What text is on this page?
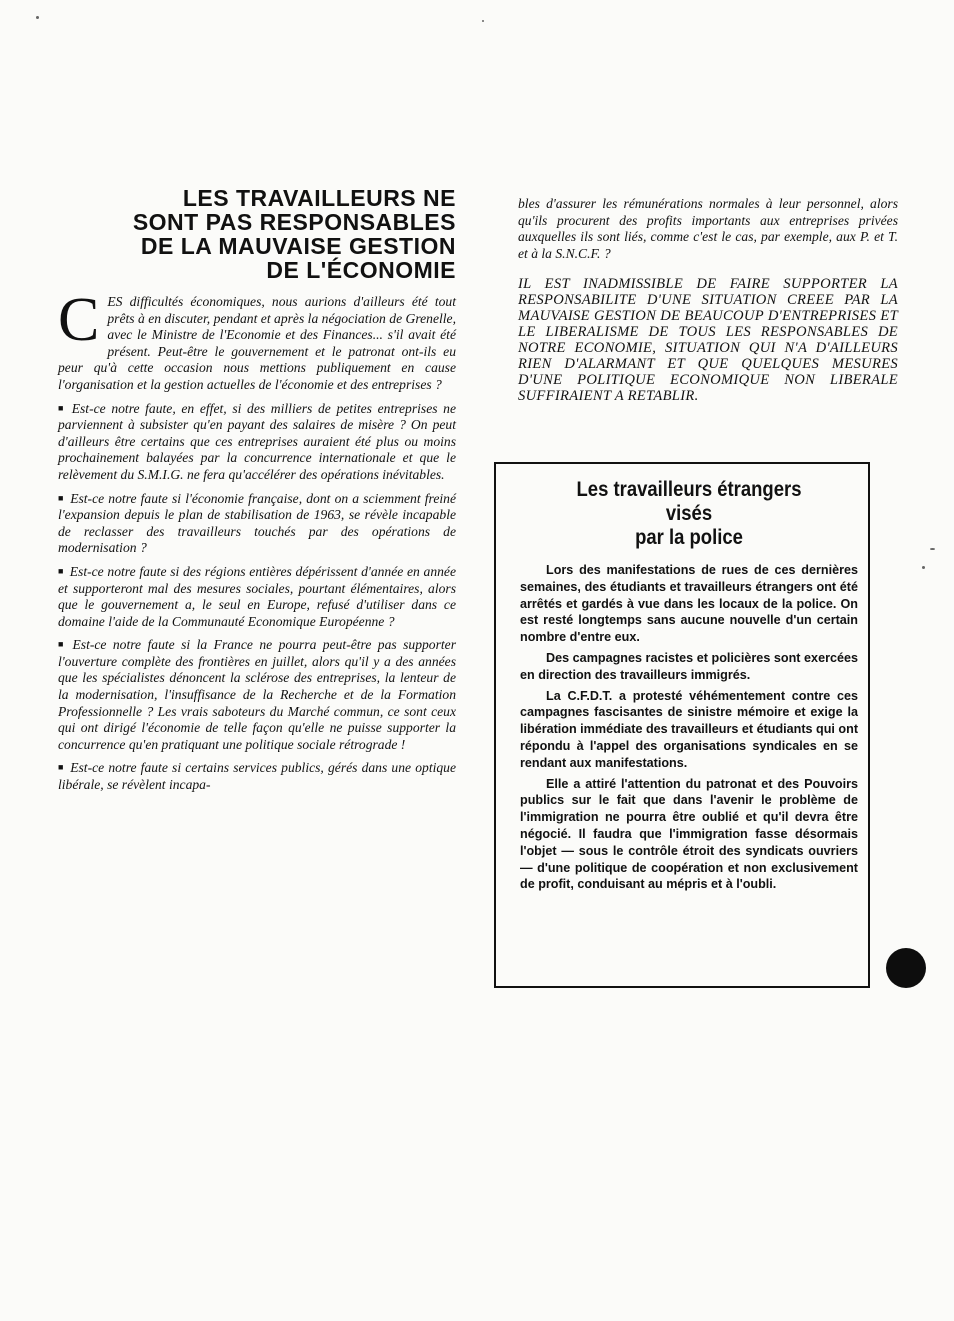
LES TRAVAILLEURS NE
SONT PAS RESPONSABLES
DE LA MAUVAISE GESTION
DE L'ÉCONOMIE

CES difficultés économiques, nous aurions d'ailleurs été tout prêts à en discuter, pendant et après la négociation de Grenelle, avec le Ministre de l'Economie et des Finances... s'il avait été présent. Peut-être le gouvernement et le patronat ont-ils eu peur qu'à cette occasion nous mettions publiquement en cause l'organisation et la gestion actuelles de l'économie et des entreprises ?

■ Est-ce notre faute, en effet, si des milliers de petites entreprises ne parviennent à subsister qu'en payant des salaires de misère ? On peut d'ailleurs être certains que ces entreprises auraient été plus ou moins prochainement balayées par la concurrence internationale et que le relèvement du S.M.I.G. ne fera qu'accélérer des opérations inévitables.

■ Est-ce notre faute si l'économie française, dont on a sciemment freiné l'expansion depuis le plan de stabilisation de 1963, se révèle incapable de reclasser des travailleurs touchés par des opérations de modernisation ?

■ Est-ce notre faute si des régions entières dépérissent d'année en année et supporteront mal des mesures sociales, pourtant élémentaires, alors que le gouvernement a, le seul en Europe, refusé d'utiliser dans ce domaine l'aide de la Communauté Economique Européenne ?

■ Est-ce notre faute si la France ne pourra peut-être pas supporter l'ouverture complète des frontières en juillet, alors qu'il y a des années que les spécialistes dénoncent la sclérose des entreprises, la lenteur de la modernisation, l'insuffisance de la Recherche et de la Formation Professionnelle ? Les vrais saboteurs du Marché commun, ce sont ceux qui ont dirigé l'économie de telle façon qu'elle ne puisse supporter la concurrence qu'en pratiquant une politique sociale rétrograde !

■ Est-ce notre faute si certains services publics, gérés dans une optique libérale, se révèlent incapa-

bles d'assurer les rémunérations normales à leur personnel, alors qu'ils procurent des profits importants aux entreprises privées auxquelles ils sont liés, comme c'est le cas, par exemple, aux P. et T. et à la S.N.C.F. ?

IL EST INADMISSIBLE DE FAIRE SUPPORTER LA RESPONSABILITE D'UNE SITUATION CREEE PAR LA MAUVAISE GESTION DE BEAUCOUP D'ENTREPRISES ET LE LIBERALISME DE TOUS LES RESPONSABLES DE NOTRE ECONOMIE, SITUATION QUI N'A D'AILLEURS RIEN D'ALARMANT ET QUE QUELQUES MESURES D'UNE POLITIQUE ECONOMIQUE NON LIBERALE SUFFIRAIENT A RETABLIR.

Les travailleurs étrangers
visés
par la police

Lors des manifestations de rues de ces dernières semaines, des étudiants et travailleurs étrangers ont été arrêtés et gardés à vue dans les locaux de la police. On est resté longtemps sans aucune nouvelle d'un certain nombre d'entre eux.

Des campagnes racistes et policières sont exercées en direction des travailleurs immigrés.

La C.F.D.T. a protesté véhémentement contre ces campagnes fascisantes de sinistre mémoire et exige la libération immédiate des travailleurs et étudiants qui ont répondu à l'appel des organisations syndicales en se rendant aux manifestations.

Elle a attiré l'attention du patronat et des Pouvoirs publics sur le fait que dans l'avenir le problème de l'immigration ne pourra être oublié et qu'il devra être négocié. Il faudra que l'immigration fasse désormais l'objet — sous le contrôle étroit des syndicats ouvriers — d'une politique de coopération et non exclusivement de profit, conduisant au mépris et à l'oubli.
